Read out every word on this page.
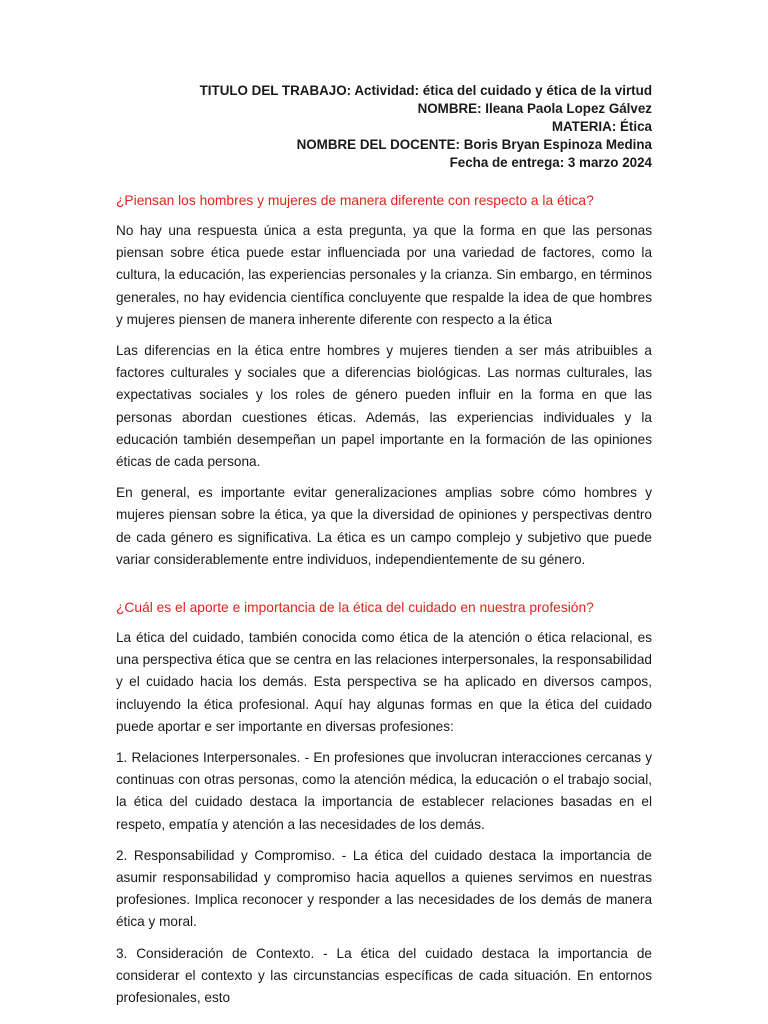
TITULO DEL TRABAJO: Actividad: ética del cuidado y ética de la virtud
NOMBRE: Ileana Paola Lopez Gálvez
MATERIA: Ética
NOMBRE DEL DOCENTE: Boris Bryan Espinoza Medina
Fecha de entrega: 3 marzo 2024

¿Piensan los hombres y mujeres de manera diferente con respecto a la ética?

No hay una respuesta única a esta pregunta, ya que la forma en que las personas piensan sobre ética puede estar influenciada por una variedad de factores, como la cultura, la educación, las experiencias personales y la crianza. Sin embargo, en términos generales, no hay evidencia científica concluyente que respalde la idea de que hombres y mujeres piensen de manera inherente diferente con respecto a la ética

Las diferencias en la ética entre hombres y mujeres tienden a ser más atribuibles a factores culturales y sociales que a diferencias biológicas. Las normas culturales, las expectativas sociales y los roles de género pueden influir en la forma en que las personas abordan cuestiones éticas. Además, las experiencias individuales y la educación también desempeñan un papel importante en la formación de las opiniones éticas de cada persona.

En general, es importante evitar generalizaciones amplias sobre cómo hombres y mujeres piensan sobre la ética, ya que la diversidad de opiniones y perspectivas dentro de cada género es significativa. La ética es un campo complejo y subjetivo que puede variar considerablemente entre individuos, independientemente de su género.

¿Cuál es el aporte e importancia de la ética del cuidado en nuestra profesión?

La ética del cuidado, también conocida como ética de la atención o ética relacional, es una perspectiva ética que se centra en las relaciones interpersonales, la responsabilidad y el cuidado hacia los demás. Esta perspectiva se ha aplicado en diversos campos, incluyendo la ética profesional. Aquí hay algunas formas en que la ética del cuidado puede aportar e ser importante en diversas profesiones:

1. Relaciones Interpersonales. - En profesiones que involucran interacciones cercanas y continuas con otras personas, como la atención médica, la educación o el trabajo social, la ética del cuidado destaca la importancia de establecer relaciones basadas en el respeto, empatía y atención a las necesidades de los demás.

2. Responsabilidad y Compromiso. - La ética del cuidado destaca la importancia de asumir responsabilidad y compromiso hacia aquellos a quienes servimos en nuestras profesiones. Implica reconocer y responder a las necesidades de los demás de manera ética y moral.

3. Consideración de Contexto. - La ética del cuidado destaca la importancia de considerar el contexto y las circunstancias específicas de cada situación. En entornos profesionales, esto
